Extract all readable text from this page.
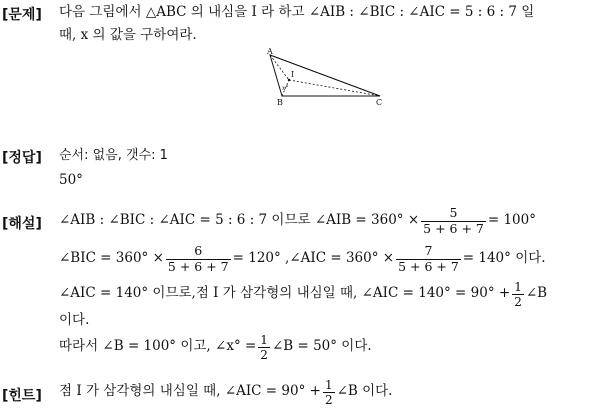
[문제] 다음 그림에서 △ABC 의 내심을 I 라 하고 ∠AIB : ∠BIC : ∠AIC = 5 : 6 : 7 일
때, x 의 값을 구하여라.
A
B	C
I
x°
[정답] 순서: 없음, 갯수: 1
50°
[해설] ∠AIB : ∠BIC : ∠AIC = 5 : 6 : 7 이므로 ∠AIB = $360^\circ \times \frac{5}{5 + 6 + 7} = 100^\circ$
∠BIC = $360^\circ \times \frac{6}{5 + 6 + 7} = 120^\circ$ ,∠AIC = $360^\circ \times \frac{7}{5 + 6 + 7} = 140^\circ$ 이다.
∠AIC = 140° 이므로,점 I 가 삼각형의 내심일 때, ∠AIC = $140^\circ = 90^\circ + \frac{1}{2}$ ∠B
이다.
따라서 ∠B = 100° 이고, ∠x° = $\frac{1}{2}$ ∠B = 50° 이다.
[힌트] 점 I 가 삼각형의 내심일 때, ∠AIC = $90^\circ + \frac{1}{2}$ ∠B 이다.
